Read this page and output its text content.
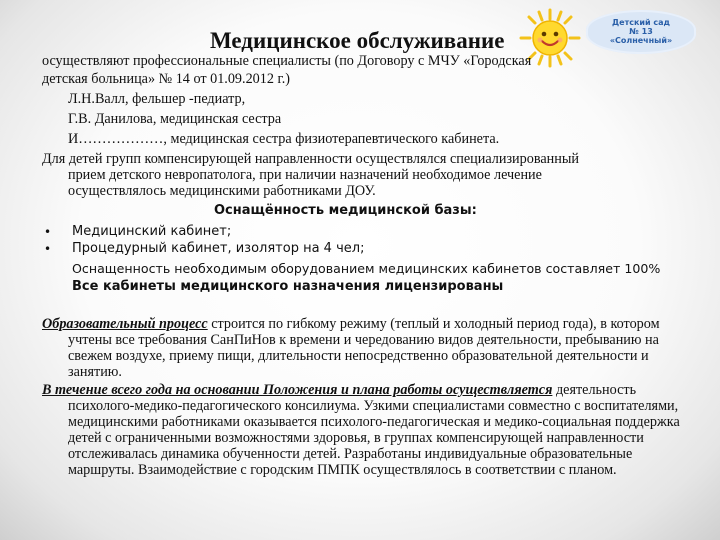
Медицинское обслуживание
Детский сад
№ 13
«Солнечный»
осуществляют профессиональные специалисты (по Договору с МЧУ «Городская
детская больница» № 14 от 01.09.2012 г.)
Л.Н.Валл, фельшер -педиатр,
Г.В. Данилова, медицинская сестра
И………………, медицинская сестра физиотерапевтического кабинета.
Для детей групп компенсирующей направленности осуществлялся специализированный
прием детского невропатолога, при наличии назначений необходимое лечение
осуществлялось медицинскими работниками ДОУ.
Оснащённость медицинской базы:
• Медицинский кабинет;
• Процедурный кабинет, изолятор на 4 чел;
Оснащенность необходимым оборудованием медицинских кабинетов составляет 100%
Все кабинеты медицинского назначения лицензированы

Образовательный процесс строится по гибкому режиму (теплый и холодный период года), в котором учтены все требования СанПиНов к времени и чередованию видов деятельности, пребыванию на свежем воздухе, приему пищи, длительности непосредственно образовательной деятельности и занятию.

В течение всего года на основании Положения и плана работы осуществляется деятельность психолого-медико-педагогического консилиума. Узкими специалистами совместно с воспитателями, медицинскими работниками оказывается психолого-педагогическая и медико-социальная поддержка детей с ограниченными возможностями здоровья, в группах компенсирующей направленности отслеживалась динамика обученности детей. Разработаны индивидуальные образовательные маршруты. Взаимодействие с городским ПМПК осуществлялось в соответствии с планом.
